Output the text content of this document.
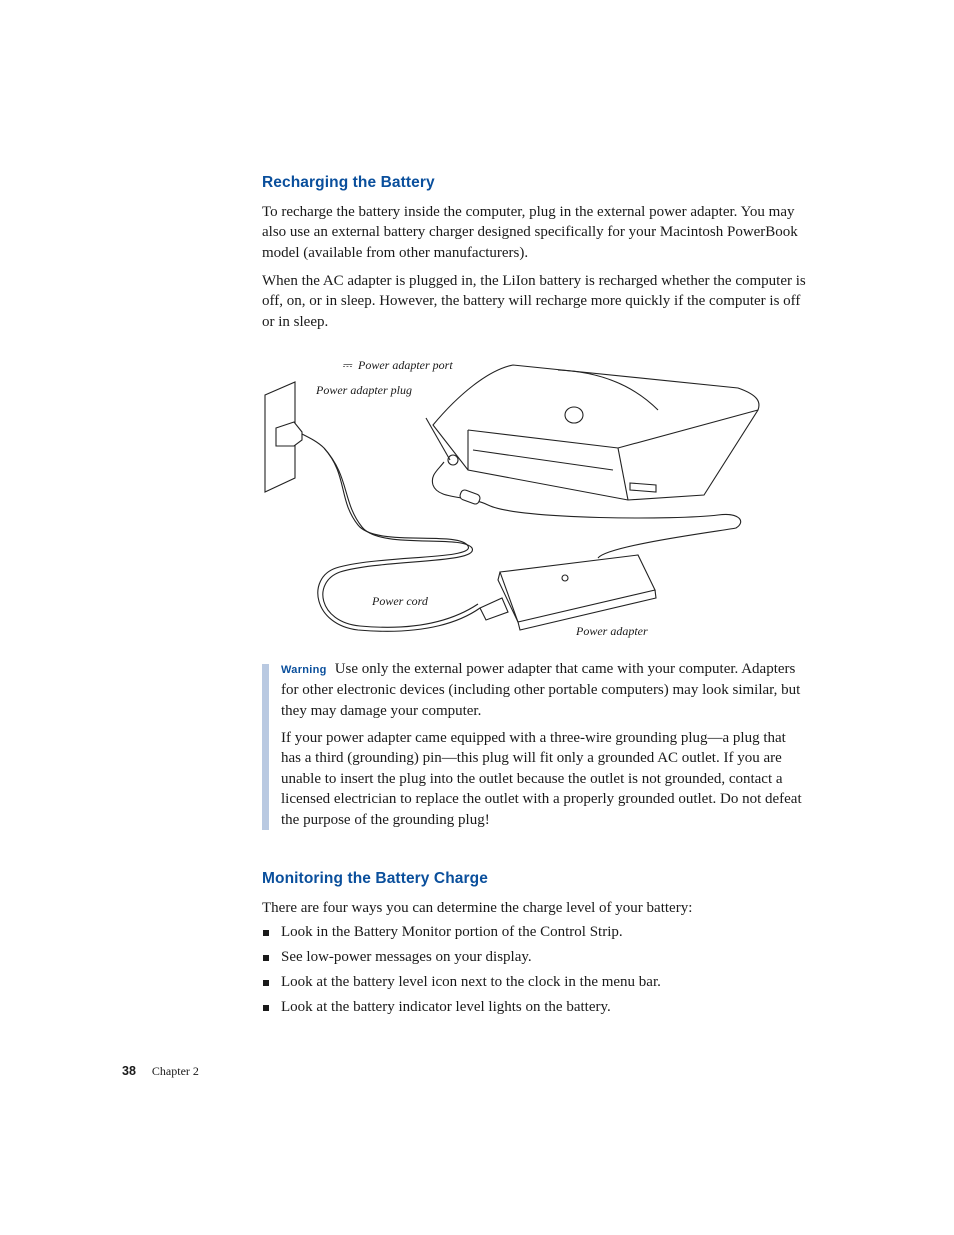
Recharging the Battery

To recharge the battery inside the computer, plug in the external power adapter. You may also use an external battery charger designed specifically for your Macintosh PowerBook model (available from other manufacturers).

When the AC adapter is plugged in, the LiIon battery is recharged whether the computer is off, on, or in sleep. However, the battery will recharge more quickly if the computer is off or in sleep.

⎓ Power adapter port
Power adapter plug
Power cord
Power adapter

Warning Use only the external power adapter that came with your computer. Adapters for other electronic devices (including other portable computers) may look similar, but they may damage your computer.

If your power adapter came equipped with a three-wire grounding plug—a plug that has a third (grounding) pin—this plug will fit only a grounded AC outlet. If you are unable to insert the plug into the outlet because the outlet is not grounded, contact a licensed electrician to replace the outlet with a properly grounded outlet. Do not defeat the purpose of the grounding plug!

Monitoring the Battery Charge

There are four ways you can determine the charge level of your battery:

Look in the Battery Monitor portion of the Control Strip.
See low-power messages on your display.
Look at the battery level icon next to the clock in the menu bar.
Look at the battery indicator level lights on the battery.
38 Chapter 2
